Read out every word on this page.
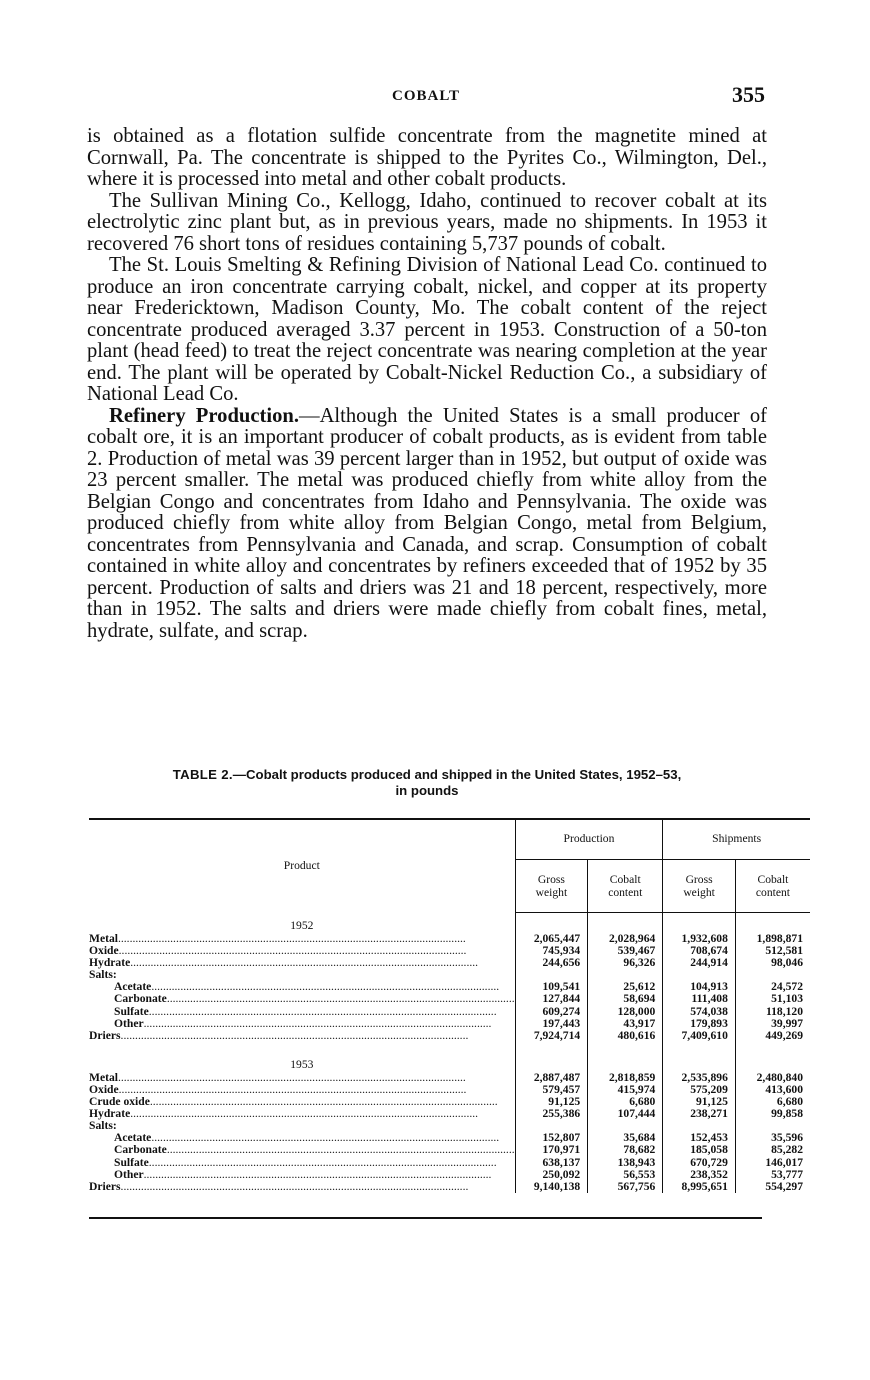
COBALT	355

is obtained as a flotation sulfide concentrate from the magnetite mined at Cornwall, Pa. The concentrate is shipped to the Pyrites Co., Wilmington, Del., where it is processed into metal and other cobalt products.

The Sullivan Mining Co., Kellogg, Idaho, continued to recover cobalt at its electrolytic zinc plant but, as in previous years, made no shipments. In 1953 it recovered 76 short tons of residues containing 5,737 pounds of cobalt.

The St. Louis Smelting & Refining Division of National Lead Co. continued to produce an iron concentrate carrying cobalt, nickel, and copper at its property near Fredericktown, Madison County, Mo. The cobalt content of the reject concentrate produced averaged 3.37 percent in 1953. Construction of a 50-ton plant (head feed) to treat the reject concentrate was nearing completion at the year end. The plant will be operated by Cobalt-Nickel Reduction Co., a subsidiary of National Lead Co.

Refinery Production.—Although the United States is a small producer of cobalt ore, it is an important producer of cobalt products, as is evident from table 2. Production of metal was 39 percent larger than in 1952, but output of oxide was 23 percent smaller. The metal was produced chiefly from white alloy from the Belgian Congo and concentrates from Idaho and Pennsylvania. The oxide was produced chiefly from white alloy from Belgian Congo, metal from Belgium, concentrates from Pennsylvania and Canada, and scrap. Consumption of cobalt contained in white alloy and concentrates by refiners exceeded that of 1952 by 35 percent. Production of salts and driers was 21 and 18 percent, respectively, more than in 1952. The salts and driers were made chiefly from cobalt fines, metal, hydrate, sulfate, and scrap.

TABLE 2.—Cobalt products produced and shipped in the United States, 1952–53,
in pounds
Product	Production		Shipments	
	Gross weight	Cobalt content	Gross weight	Cobalt content
1952				

Metal........................................................................................................................	2,065,447	2,028,964	1,932,608	1,898,871

Oxide........................................................................................................................	745,934	539,467	708,674	512,581

Hydrate........................................................................................................................	244,656	96,326	244,914	98,046

Salts:				

Acetate........................................................................................................................	109,541	25,612	104,913	24,572

Carbonate........................................................................................................................	127,844	58,694	111,408	51,103

Sulfate........................................................................................................................	609,274	128,000	574,038	118,120

Other........................................................................................................................	197,443	43,917	179,893	39,997

Driers........................................................................................................................	7,924,714	480,616	7,409,610	449,269

1953				

Metal........................................................................................................................	2,887,487	2,818,859	2,535,896	2,480,840

Oxide........................................................................................................................	579,457	415,974	575,209	413,600

Crude oxide........................................................................................................................	91,125	6,680	91,125	6,680

Hydrate........................................................................................................................	255,386	107,444	238,271	99,858

Salts:				

Acetate........................................................................................................................	152,807	35,684	152,453	35,596

Carbonate........................................................................................................................	170,971	78,682	185,058	85,282

Sulfate........................................................................................................................	638,137	138,943	670,729	146,017

Other........................................................................................................................	250,092	56,553	238,352	53,777

Driers........................................................................................................................	9,140,138	567,756	8,995,651	554,297
